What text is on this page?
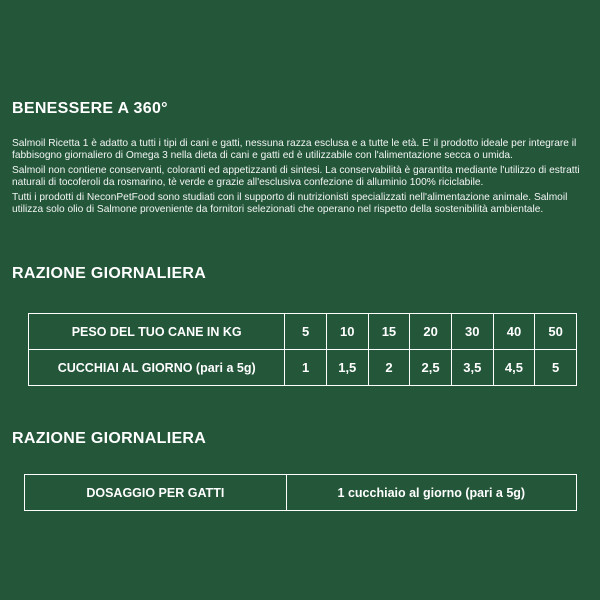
BENESSERE A 360°

Salmoil Ricetta 1 è adatto a tutti i tipi di cani e gatti, nessuna razza esclusa e a tutte le età. E' il prodotto ideale per integrare il fabbisogno giornaliero di Omega 3 nella dieta di cani e gatti ed è utilizzabile con l'alimentazione secca o umida.

Salmoil non contiene conservanti, coloranti ed appetizzanti di sintesi. La conservabilità è garantita mediante l'utilizzo di estratti naturali di tocoferoli da rosmarino, tè verde e grazie all'esclusiva confezione di alluminio 100% riciclabile.

Tutti i prodotti di NeconPetFood sono studiati con il supporto di nutrizionisti specializzati nell'alimentazione animale. Salmoil utilizza solo olio di Salmone proveniente da fornitori selezionati che operano nel rispetto della sostenibilità ambientale.

RAZIONE GIORNALIERA
PESO DEL TUO CANE IN KG	5	10	15	20	30	40	50
CUCCHIAI AL GIORNO (pari a 5g)	1	1,5	2	2,5	3,5	4,5	5
RAZIONE GIORNALIERA
DOSAGGIO PER GATTI	1 cucchiaio al giorno (pari a 5g)
